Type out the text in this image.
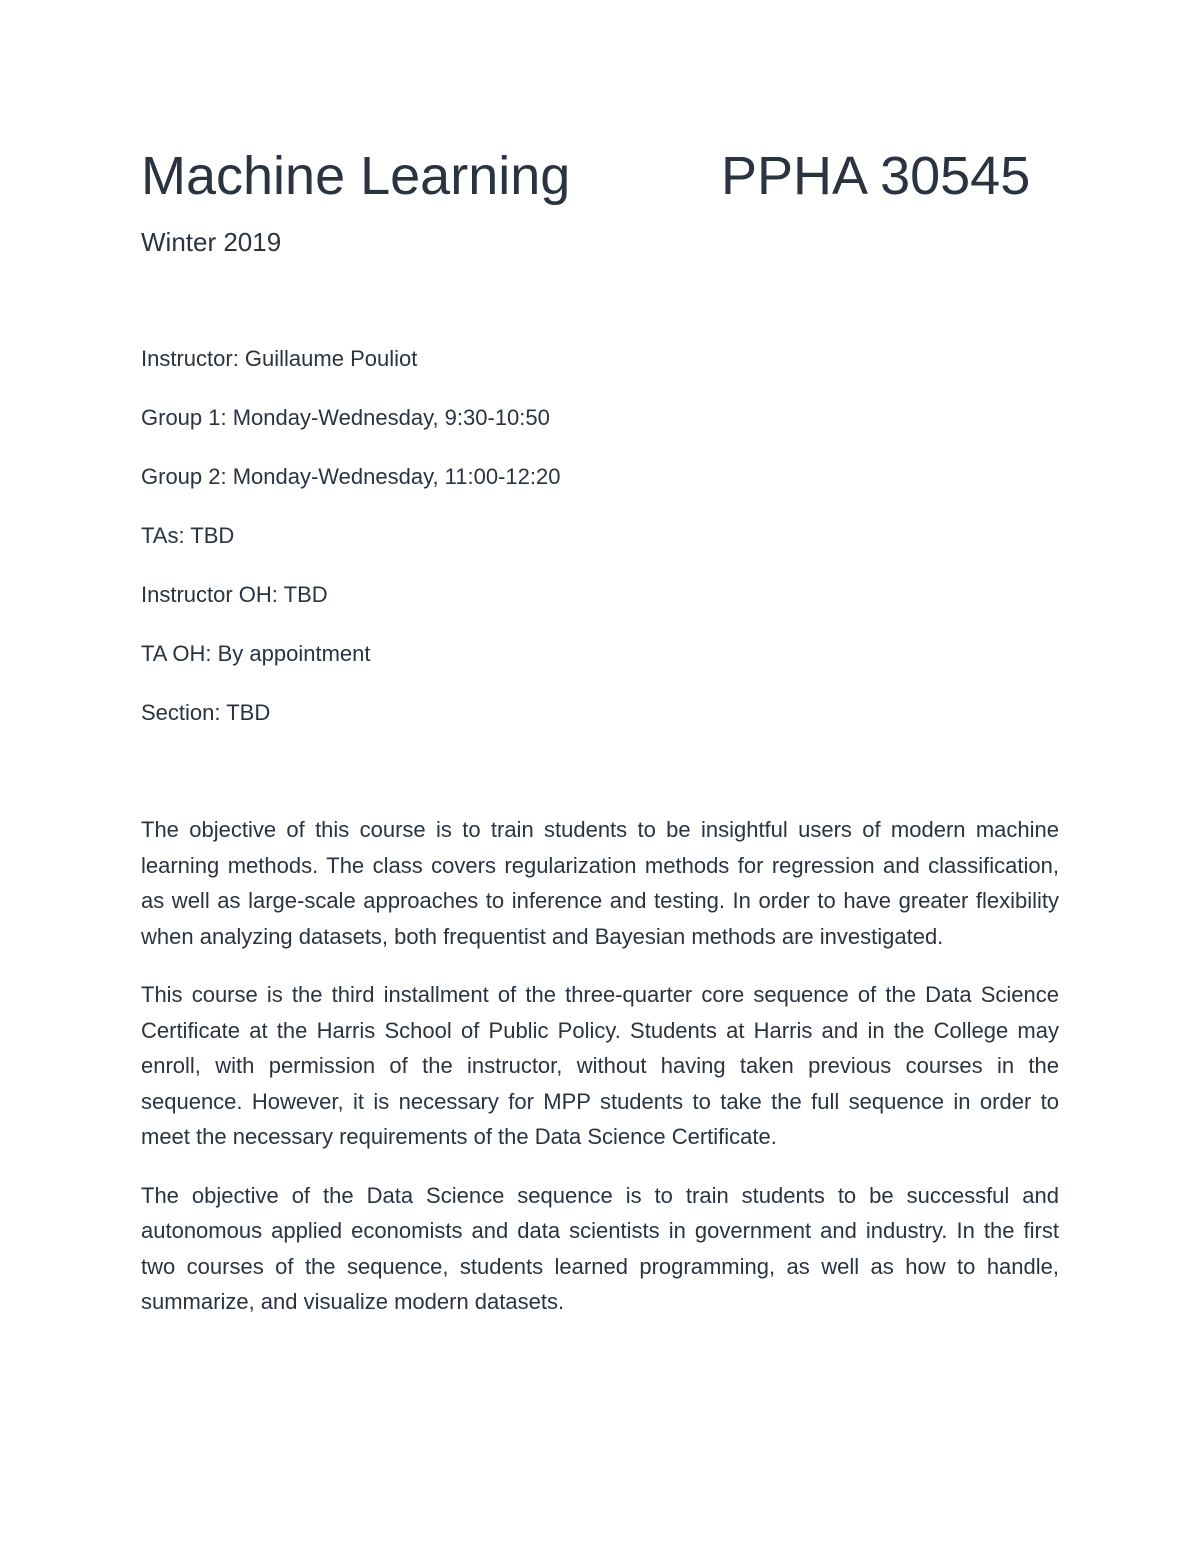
Machine Learning	PPHA 30545
Winter 2019
Instructor: Guillaume Pouliot
Group 1: Monday-Wednesday, 9:30-10:50
Group 2: Monday-Wednesday, 11:00-12:20
TAs: TBD
Instructor OH: TBD
TA OH: By appointment
Section: TBD

The objective of this course is to train students to be insightful users of modern machine learning methods. The class covers regularization methods for regression and classification, as well as large-scale approaches to inference and testing. In order to have greater flexibility when analyzing datasets, both frequentist and Bayesian methods are investigated.

This course is the third installment of the three-quarter core sequence of the Data Science Certificate at the Harris School of Public Policy. Students at Harris and in the College may enroll, with permission of the instructor, without having taken previous courses in the sequence. However, it is necessary for MPP students to take the full sequence in order to meet the necessary requirements of the Data Science Certificate.

The objective of the Data Science sequence is to train students to be successful and autonomous applied economists and data scientists in government and industry. In the first two courses of the sequence, students learned programming, as well as how to handle, summarize, and visualize modern datasets.
